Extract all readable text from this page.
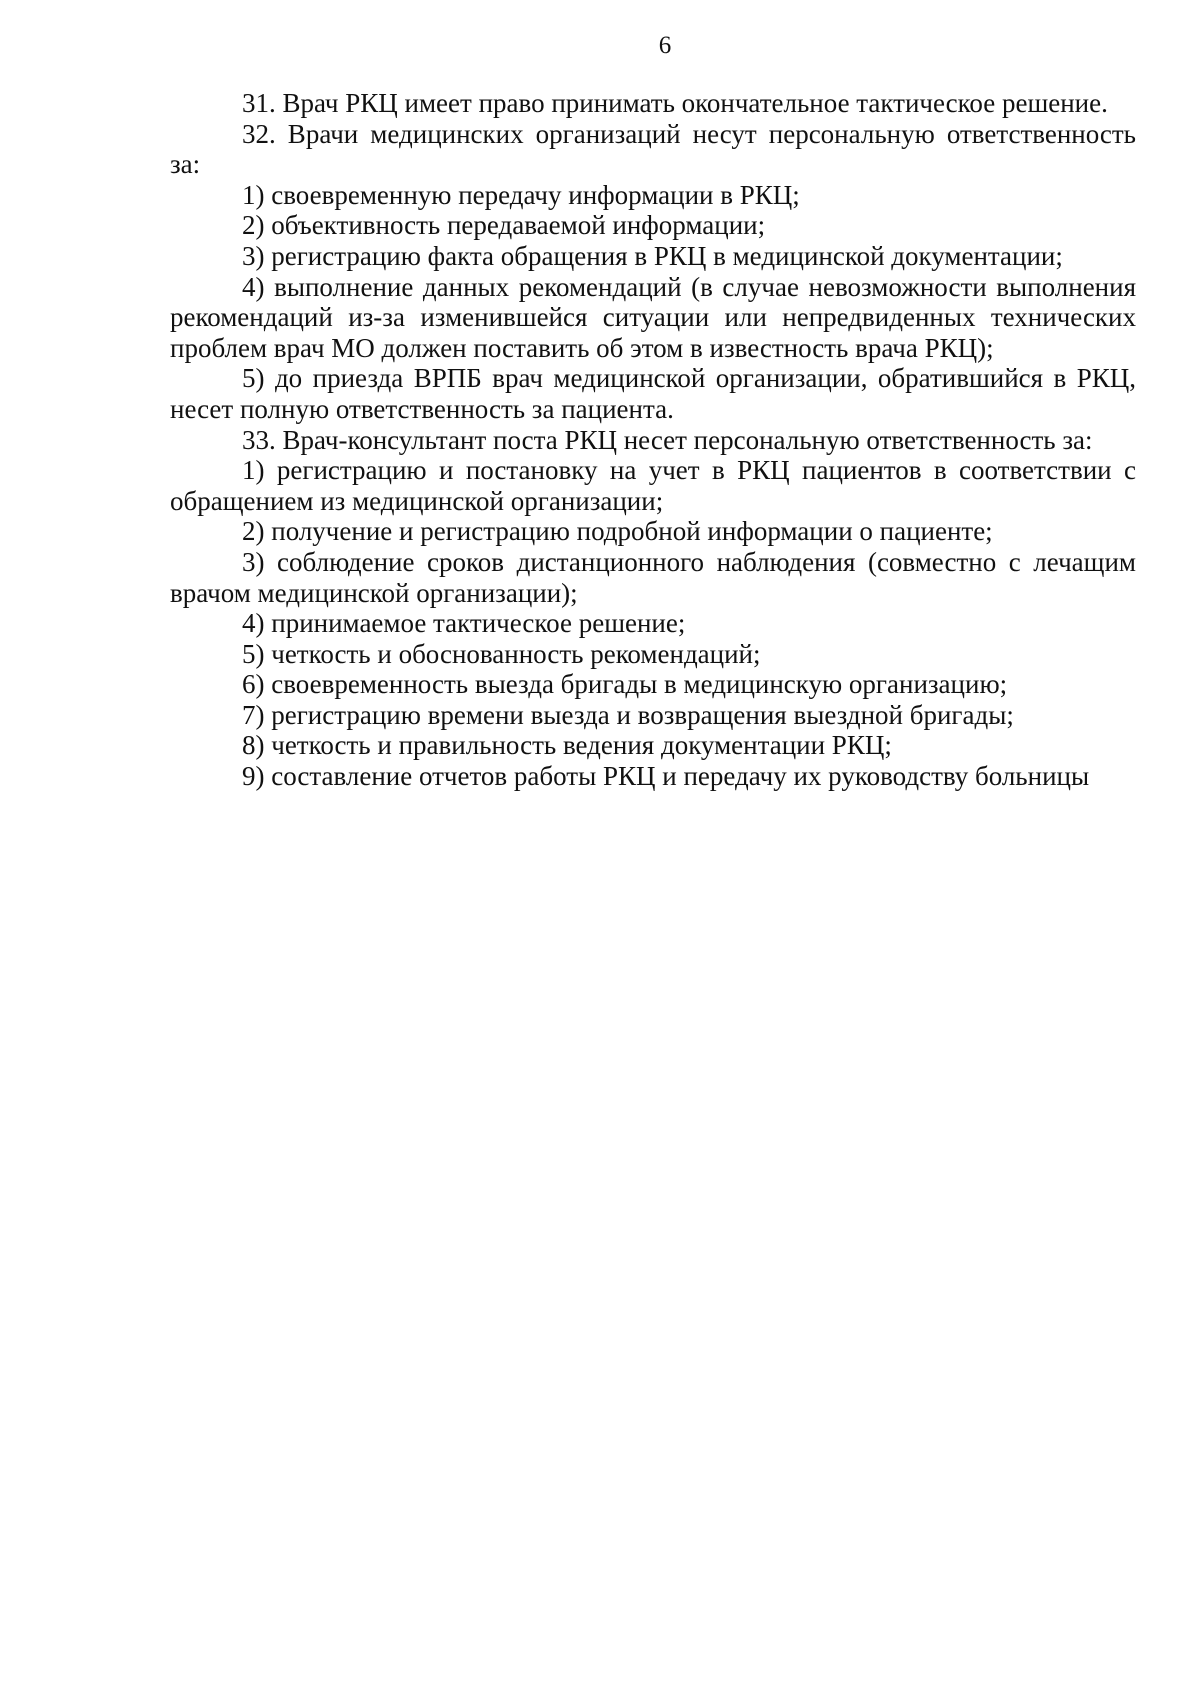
6

31. Врач РКЦ имеет право принимать окончательное тактическое решение.

32. Врачи медицинских организаций несут персональную ответственность за:

1) своевременную передачу информации в РКЦ;

2) объективность передаваемой информации;

3) регистрацию факта обращения в РКЦ в медицинской документации;

4) выполнение данных рекомендаций (в случае невозможности выполнения рекомендаций из-за изменившейся ситуации или непредвиденных технических проблем врач МО должен поставить об этом в известность врача РКЦ);

5) до приезда ВРПБ врач медицинской организации, обратившийся в РКЦ, несет полную ответственность за пациента.

33. Врач-консультант поста РКЦ несет персональную ответственность за:

1) регистрацию и постановку на учет в РКЦ пациентов в соответствии с обращением из медицинской организации;

2) получение и регистрацию подробной информации о пациенте;

3) соблюдение сроков дистанционного наблюдения (совместно с лечащим врачом медицинской организации);

4) принимаемое тактическое решение;

5) четкость и обоснованность рекомендаций;

6) своевременность выезда бригады в медицинскую организацию;

7) регистрацию времени выезда и возвращения выездной бригады;

8) четкость и правильность ведения документации РКЦ;

9) составление отчетов работы РКЦ и передачу их руководству больницы
